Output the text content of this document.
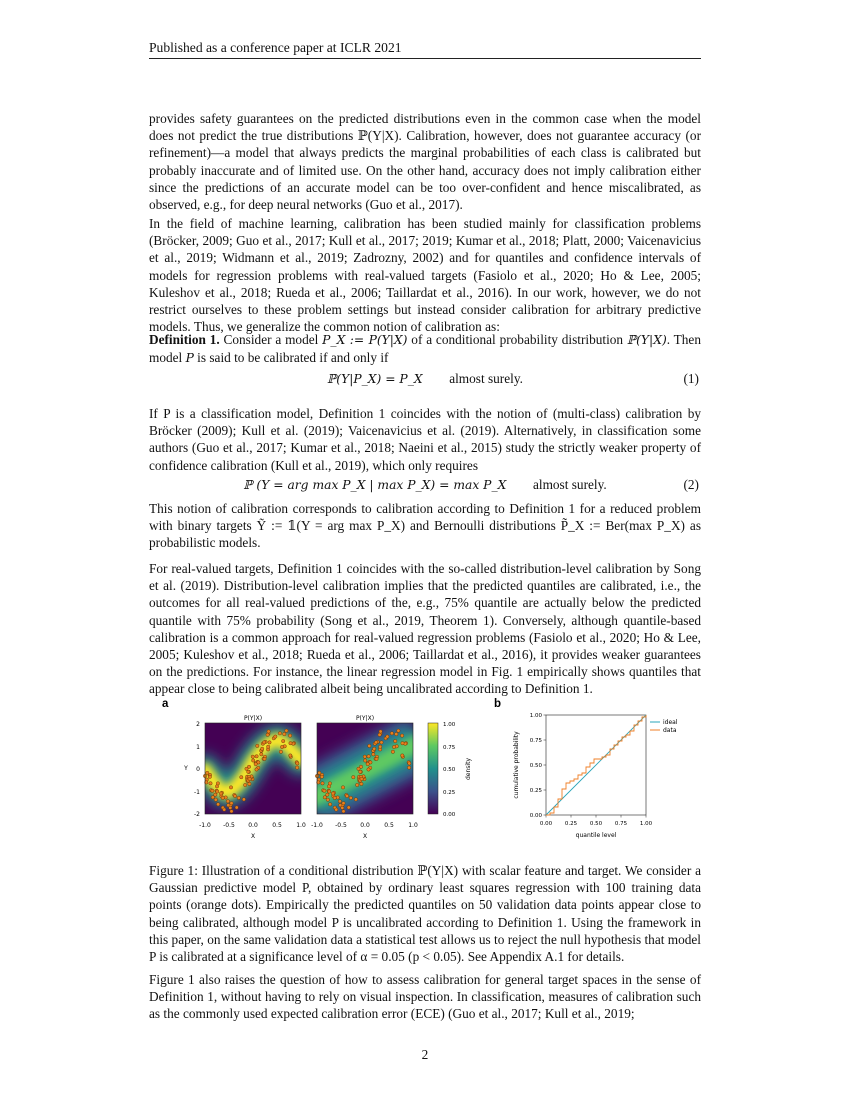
Published as a conference paper at ICLR 2021

provides safety guarantees on the predicted distributions even in the common case when the model does not predict the true distributions ℙ(Y|X). Calibration, however, does not guarantee accuracy (or refinement)—a model that always predicts the marginal probabilities of each class is calibrated but probably inaccurate and of limited use. On the other hand, accuracy does not imply calibration either since the predictions of an accurate model can be too over-confident and hence miscalibrated, as observed, e.g., for deep neural networks (Guo et al., 2017).

In the field of machine learning, calibration has been studied mainly for classification problems (Bröcker, 2009; Guo et al., 2017; Kull et al., 2017; 2019; Kumar et al., 2018; Platt, 2000; Vaicenavicius et al., 2019; Widmann et al., 2019; Zadrozny, 2002) and for quantiles and confidence intervals of models for regression problems with real-valued targets (Fasiolo et al., 2020; Ho & Lee, 2005; Kuleshov et al., 2018; Rueda et al., 2006; Taillardat et al., 2016). In our work, however, we do not restrict ourselves to these problem settings but instead consider calibration for arbitrary predictive models. Thus, we generalize the common notion of calibration as:

Definition 1. Consider a model P_X := P(Y|X) of a conditional probability distribution ℙ(Y|X). Then model P is said to be calibrated if and only if

ℙ(Y|P_X) = P_X almost surely.	(1)

If P is a classification model, Definition 1 coincides with the notion of (multi-class) calibration by Bröcker (2009); Kull et al. (2019); Vaicenavicius et al. (2019). Alternatively, in classification some authors (Guo et al., 2017; Kumar et al., 2018; Naeini et al., 2015) study the strictly weaker property of confidence calibration (Kull et al., 2019), which only requires

ℙ (Y = arg max P_X | max P_X) = max P_X almost surely.	(2)

This notion of calibration corresponds to calibration according to Definition 1 for a reduced problem with binary targets Ỹ := 𝟙(Y = arg max P_X) and Bernoulli distributions P̃_X := Ber(max P_X) as probabilistic models.

For real-valued targets, Definition 1 coincides with the so-called distribution-level calibration by Song et al. (2019). Distribution-level calibration implies that the predicted quantiles are calibrated, i.e., the outcomes for all real-valued predictions of the, e.g., 75% quantile are actually below the predicted quantile with 75% probability (Song et al., 2019, Theorem 1). Conversely, although quantile-based calibration is a common approach for real-valued regression problems (Fasiolo et al., 2020; Ho & Lee, 2005; Kuleshov et al., 2018; Rueda et al., 2006; Taillardat et al., 2016), it provides weaker guarantees on the predictions. For instance, the linear regression model in Fig. 1 empirically shows quantiles that appear close to being calibrated albeit being uncalibrated according to Definition 1.

a	b
P(Y|X)
2
1
0
-1
-2
Y
-1.0 -0.5 0.0 0.5 1.0
X
P(Y|X)
-1.0 -0.5 0.0 0.5 1.0
X
1.00
0.75
0.50
0.25
0.00
density
0.00
0.00
0.25
0.25
0.50
0.50
0.75
0.75
1.00
1.00
quantile level
cumulative probability
ideal
data

Figure 1: Illustration of a conditional distribution ℙ(Y|X) with scalar feature and target. We consider a Gaussian predictive model P, obtained by ordinary least squares regression with 100 training data points (orange dots). Empirically the predicted quantiles on 50 validation data points appear close to being calibrated, although model P is uncalibrated according to Definition 1. Using the framework in this paper, on the same validation data a statistical test allows us to reject the null hypothesis that model P is calibrated at a significance level of α = 0.05 (p < 0.05). See Appendix A.1 for details.

Figure 1 also raises the question of how to assess calibration for general target spaces in the sense of Definition 1, without having to rely on visual inspection. In classification, measures of calibration such as the commonly used expected calibration error (ECE) (Guo et al., 2017; Kull et al., 2019;

2
